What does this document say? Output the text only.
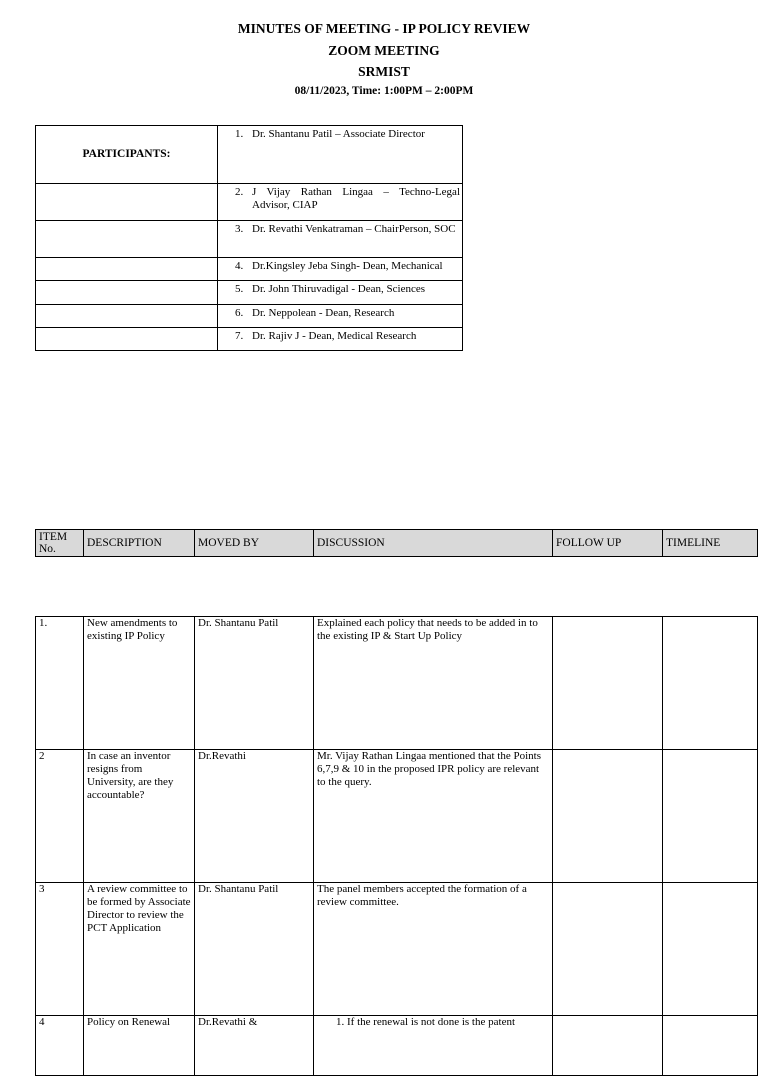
MINUTES OF MEETING - IP POLICY REVIEW
ZOOM MEETING
SRMIST
08/11/2023, Time: 1:00PM – 2:00PM
PARTICIPANTS:	1. Dr. Shantanu Patil – Associate Director

	2. J Vijay Rathan Lingaa – Techno-Legal Advisor, CIAP

	3. Dr. Revathi Venkatraman – ChairPerson, SOC

	4. Dr.Kingsley Jeba Singh- Dean, Mechanical

	5. Dr. John Thiruvadigal - Dean, Sciences

	6. Dr. Neppolean - Dean, Research

	7. Dr. Rajiv J - Dean, Medical Research
ITEM No.	DESCRIPTION	MOVED BY	DISCUSSION	FOLLOW UP	TIMELINE
1.	New amendments to existing IP Policy	Dr. Shantanu Patil	Explained each policy that needs to be added in to the existing IP & Start Up Policy		
2	In case an inventor resigns from University, are they accountable?	Dr.Revathi	Mr. Vijay Rathan Lingaa mentioned that the Points 6,7,9 & 10 in the proposed IPR policy are relevant to the query.		
3	A review committee to be formed by Associate Director to review the PCT Application	Dr. Shantanu Patil	The panel members accepted the formation of a review committee.		
4	Policy on Renewal	Dr.Revathi &	1. If the renewal is not done is the patent		
